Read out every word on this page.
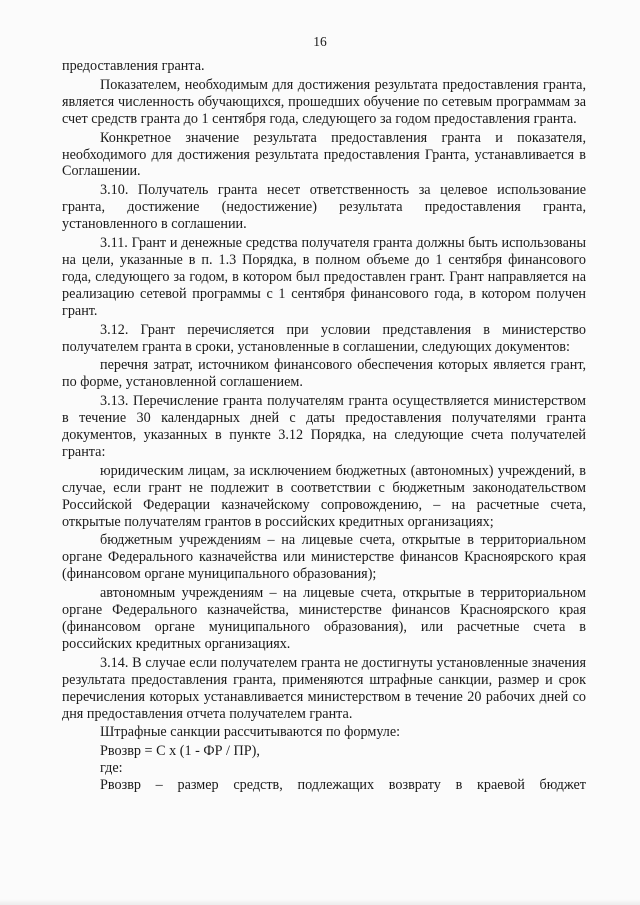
16

предоставления гранта.

Показателем, необходимым для достижения результата предоставления гранта, является численность обучающихся, прошедших обучение по сетевым программам за счет средств гранта до 1 сентября года, следующего за годом предоставления гранта.

Конкретное значение результата предоставления гранта и показателя, необходимого для достижения результата предоставления Гранта, устанавливается в Соглашении.

3.10. Получатель гранта несет ответственность за целевое использование гранта, достижение (недостижение) результата предоставления гранта, установленного в соглашении.

3.11. Грант и денежные средства получателя гранта должны быть использованы на цели, указанные в п. 1.3 Порядка, в полном объеме до 1 сентября финансового года, следующего за годом, в котором был предоставлен грант. Грант направляется на реализацию сетевой программы с 1 сентября финансового года, в котором получен грант.

3.12. Грант перечисляется при условии представления в министерство получателем гранта в сроки, установленные в соглашении, следующих документов:

перечня затрат, источником финансового обеспечения которых является грант, по форме, установленной соглашением.

3.13. Перечисление гранта получателям гранта осуществляется министерством в течение 30 календарных дней с даты предоставления получателями гранта документов, указанных в пункте 3.12 Порядка, на следующие счета получателей гранта:

юридическим лицам, за исключением бюджетных (автономных) учреждений, в случае, если грант не подлежит в соответствии с бюджетным законодательством Российской Федерации казначейскому сопровождению, – на расчетные счета, открытые получателям грантов в российских кредитных организациях;

бюджетным учреждениям – на лицевые счета, открытые в территориальном органе Федерального казначейства или министерстве финансов Красноярского края (финансовом органе муниципального образования);

автономным учреждениям – на лицевые счета, открытые в территориальном органе Федерального казначейства, министерстве финансов Красноярского края (финансовом органе муниципального образования), или расчетные счета в российских кредитных организациях.

3.14. В случае если получателем гранта не достигнуты установленные значения результата предоставления гранта, применяются штрафные санкции, размер и срок перечисления которых устанавливается министерством в течение 20 рабочих дней со дня предоставления отчета получателем гранта.

Штрафные санкции рассчитываются по формуле:

Pвозвр = C x (1 - ФР / ПР),

где:

Pвозвр – размер средств, подлежащих возврату в краевой бюджет
